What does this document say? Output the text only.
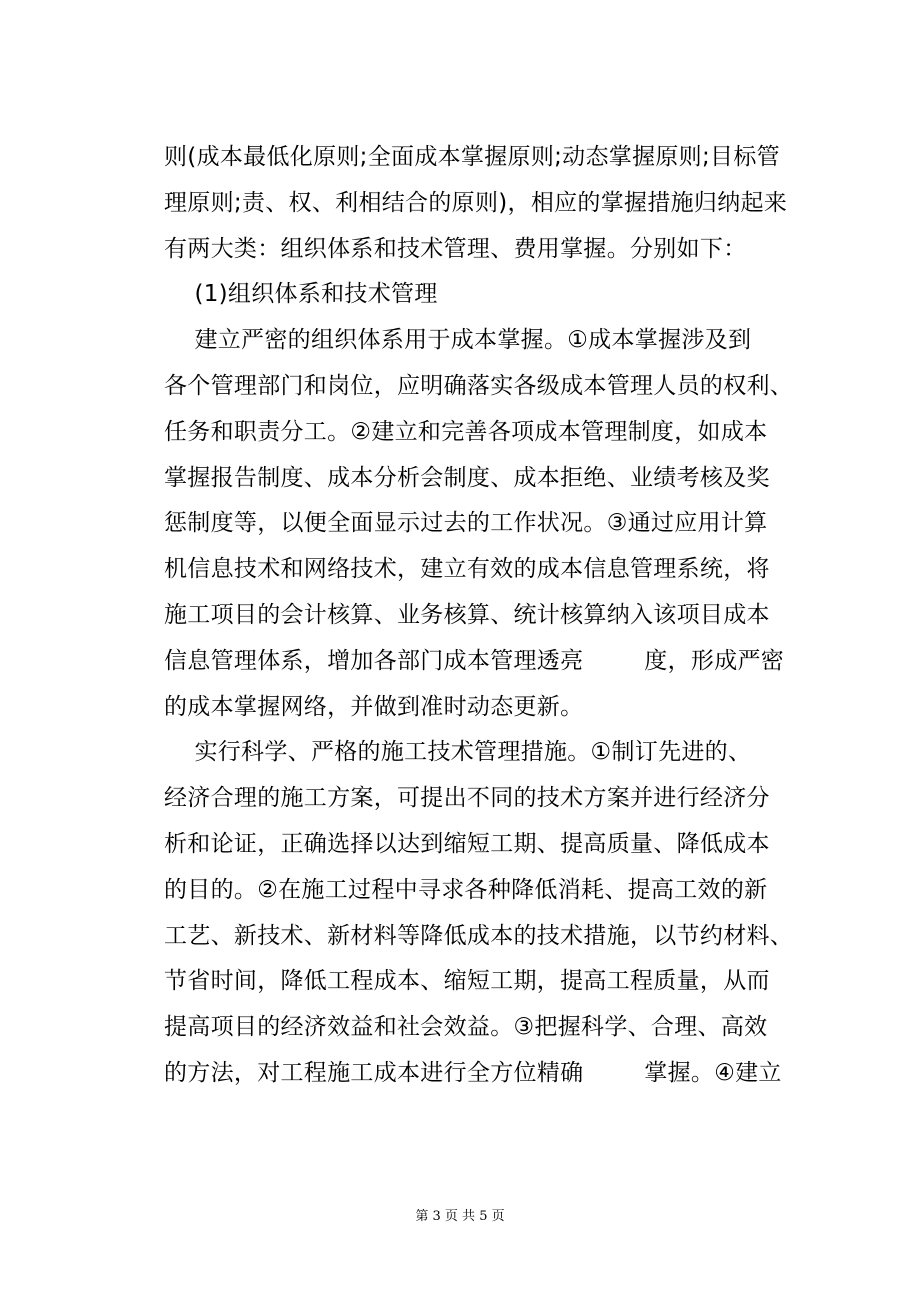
则(成本最低化原则;全面成本掌握原则;动态掌握原则;目标管
理原则;责、权、利相结合的原则)，相应的掌握措施归纳起来
有两大类：组织体系和技术管理、费用掌握。分别如下：
(1)组织体系和技术管理
建立严密的组织体系用于成本掌握。①成本掌握涉及到
各个管理部门和岗位，应明确落实各级成本管理人员的权利、
任务和职责分工。②建立和完善各项成本管理制度，如成本
掌握报告制度、成本分析会制度、成本拒绝、业绩考核及奖
惩制度等，以便全面显示过去的工作状况。③通过应用计算
机信息技术和网络技术，建立有效的成本信息管理系统，将
施工项目的会计核算、业务核算、统计核算纳入该项目成本
信息管理体系，增加各部门成本管理透亮        度，形成严密
的成本掌握网络，并做到准时动态更新。
实行科学、严格的施工技术管理措施。①制订先进的、
经济合理的施工方案，可提出不同的技术方案并进行经济分
析和论证，正确选择以达到缩短工期、提高质量、降低成本
的目的。②在施工过程中寻求各种降低消耗、提高工效的新
工艺、新技术、新材料等降低成本的技术措施，以节约材料、
节省时间，降低工程成本、缩短工期，提高工程质量，从而
提高项目的经济效益和社会效益。③把握科学、合理、高效
的方法，对工程施工成本进行全方位精确        掌握。④建立
第 3 页 共 5 页
